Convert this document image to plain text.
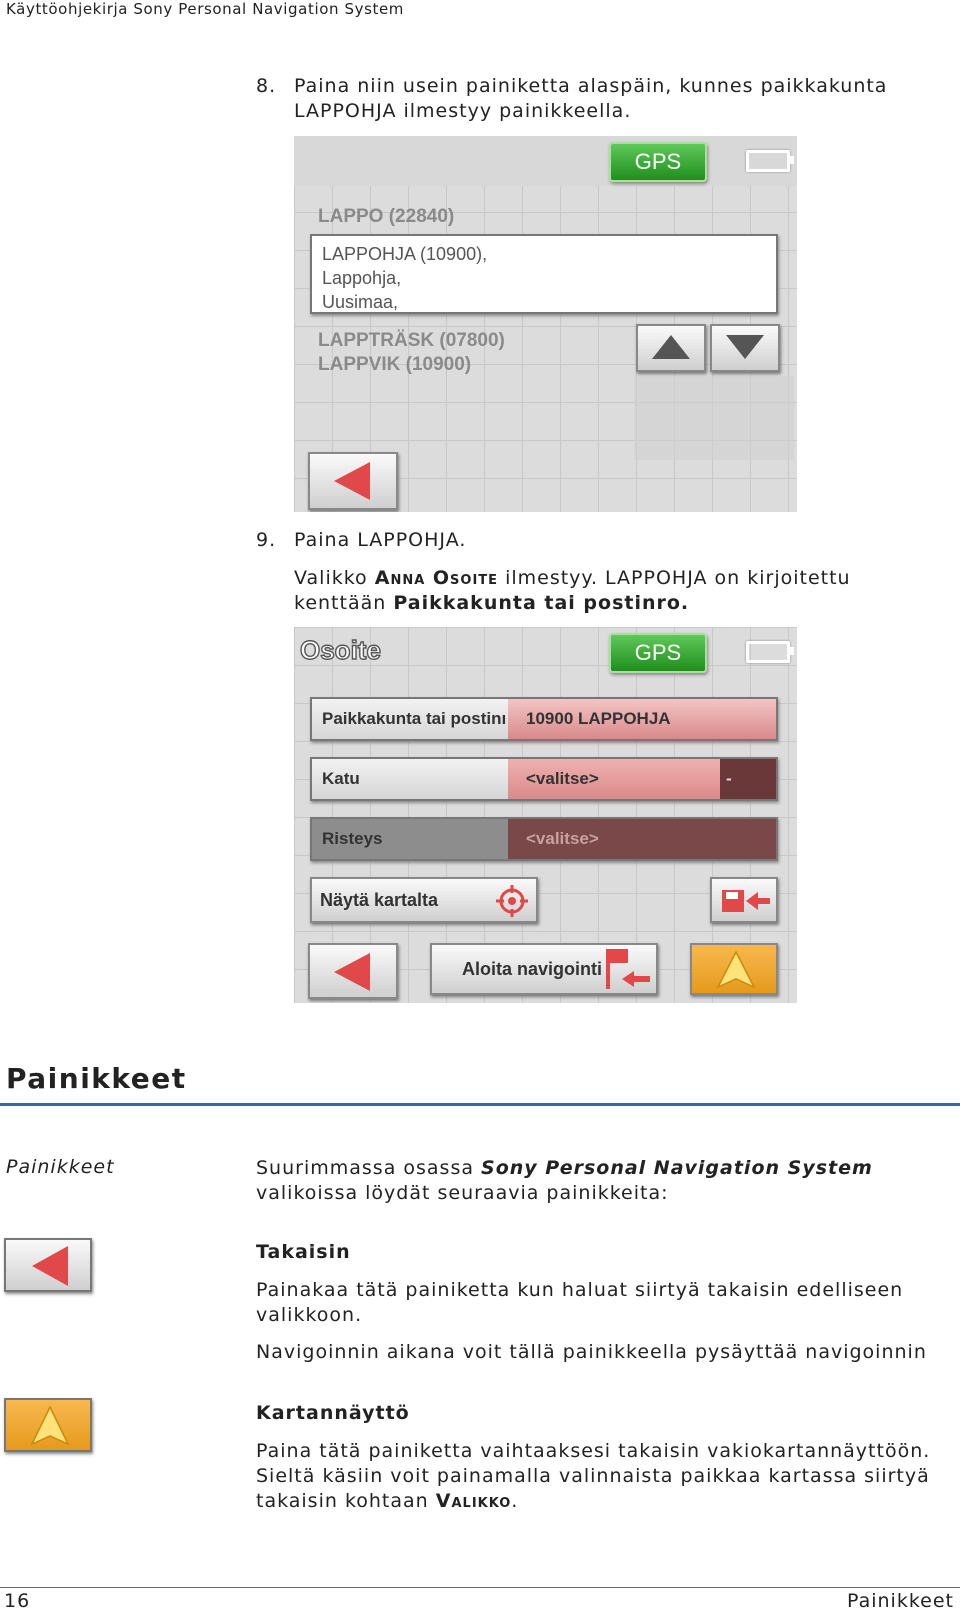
Käyttöohjekirja Sony Personal Navigation System
8. Paina niin usein painiketta alaspäin, kunnes paikkakunta
LAPPOHJA ilmestyy painikkeella.
GPS
LAPPO (22840)
LAPPOHJA (10900),
Lappohja,
Uusimaa,
LAPPTRÄSK (07800)
LAPPVIK (10900)
9. Paina LAPPOHJA.
Valikko Anna Osoite ilmestyy. LAPPOHJA on kirjoitettu
kenttään Paikkakunta tai postinro.
Osoite	GPS
Paikkakunta tai postinı	10900 LAPPOHJA
Katu	<valitse>	-
Risteys	<valitse>
Näytä kartalta
Aloita navigointi
Painikkeet
Painikkeet	Suurimmassa osassa Sony Personal Navigation System
valikoissa löydät seuraavia painikkeita:
Takaisin
Painakaa tätä painiketta kun haluat siirtyä takaisin edelliseen valikkoon.
Navigoinnin aikana voit tällä painikkeella pysäyttää navigoinnin
Kartannäyttö
Paina tätä painiketta vaihtaaksesi takaisin vakiokartannäyttöön.
Sieltä käsiin voit painamalla valinnaista paikkaa kartassa siirtyä
takaisin kohtaan Valikko.
16	Painikkeet
